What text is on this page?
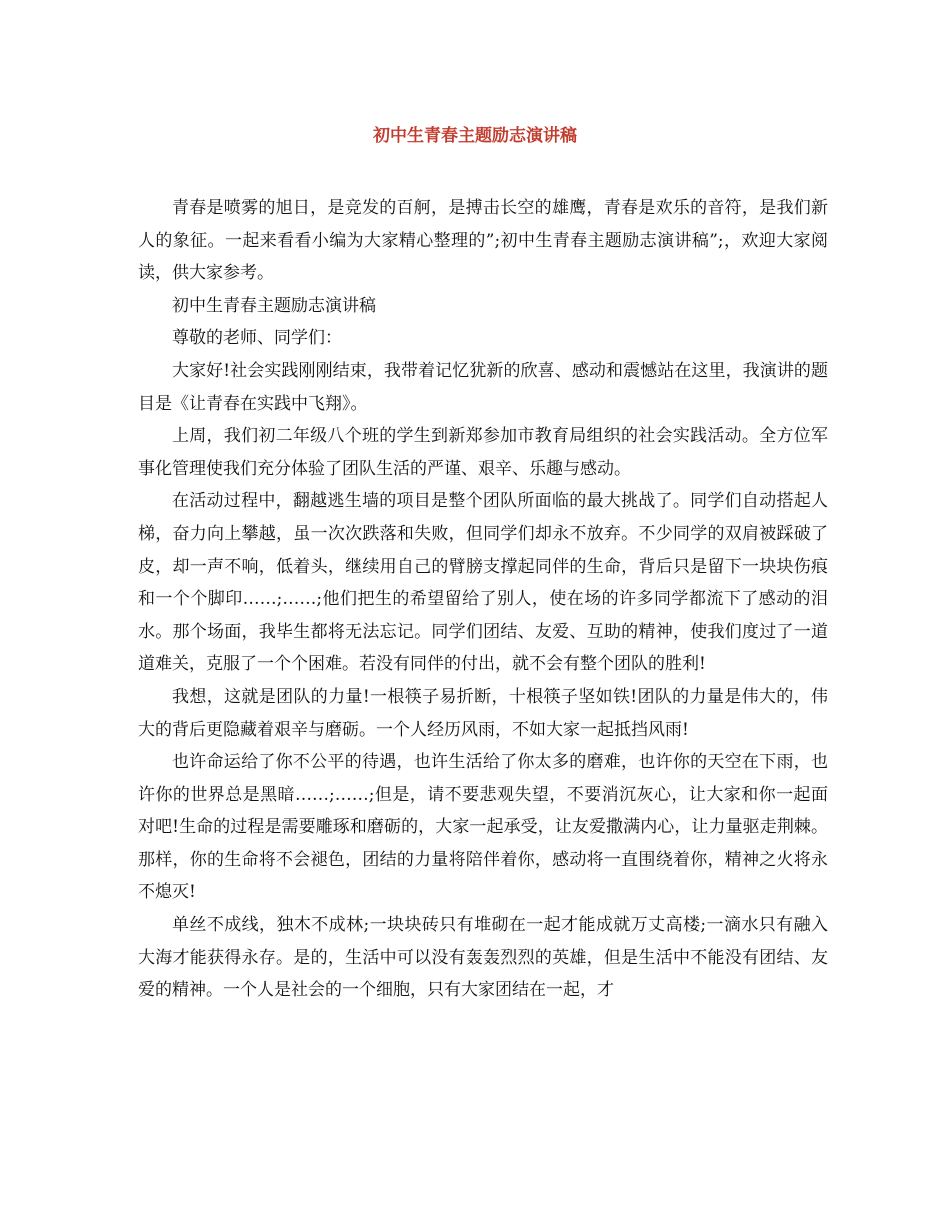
初中生青春主题励志演讲稿

青春是喷雾的旭日，是竞发的百舸，是搏击长空的雄鹰，青春是欢乐的音符，是我们新人的象征。一起来看看小编为大家精心整理的”;初中生青春主题励志演讲稿”;，欢迎大家阅读，供大家参考。

初中生青春主题励志演讲稿

尊敬的老师、同学们：

大家好!社会实践刚刚结束，我带着记忆犹新的欣喜、感动和震憾站在这里，我演讲的题目是《让青春在实践中飞翔》。

上周，我们初二年级八个班的学生到新郑参加市教育局组织的社会实践活动。全方位军事化管理使我们充分体验了团队生活的严谨、艰辛、乐趣与感动。

在活动过程中，翻越逃生墙的项目是整个团队所面临的最大挑战了。同学们自动搭起人梯，奋力向上攀越，虽一次次跌落和失败，但同学们却永不放弃。不少同学的双肩被踩破了皮，却一声不响，低着头，继续用自己的臂膀支撑起同伴的生命，背后只是留下一块块伤痕和一个个脚印……;……;他们把生的希望留给了别人，使在场的许多同学都流下了感动的泪水。那个场面，我毕生都将无法忘记。同学们团结、友爱、互助的精神，使我们度过了一道道难关，克服了一个个困难。若没有同伴的付出，就不会有整个团队的胜利!

我想，这就是团队的力量!一根筷子易折断，十根筷子坚如铁!团队的力量是伟大的，伟大的背后更隐藏着艰辛与磨砺。一个人经历风雨，不如大家一起抵挡风雨!

也许命运给了你不公平的待遇，也许生活给了你太多的磨难，也许你的天空在下雨，也许你的世界总是黑暗……;……;但是，请不要悲观失望，不要消沉灰心，让大家和你一起面对吧!生命的过程是需要雕琢和磨砺的，大家一起承受，让友爱撒满内心，让力量驱走荆棘。那样，你的生命将不会褪色，团结的力量将陪伴着你，感动将一直围绕着你，精神之火将永不熄灭!

单丝不成线，独木不成林;一块块砖只有堆砌在一起才能成就万丈高楼;一滴水只有融入大海才能获得永存。是的，生活中可以没有轰轰烈烈的英雄，但是生活中不能没有团结、友爱的精神。一个人是社会的一个细胞，只有大家团结在一起，才
